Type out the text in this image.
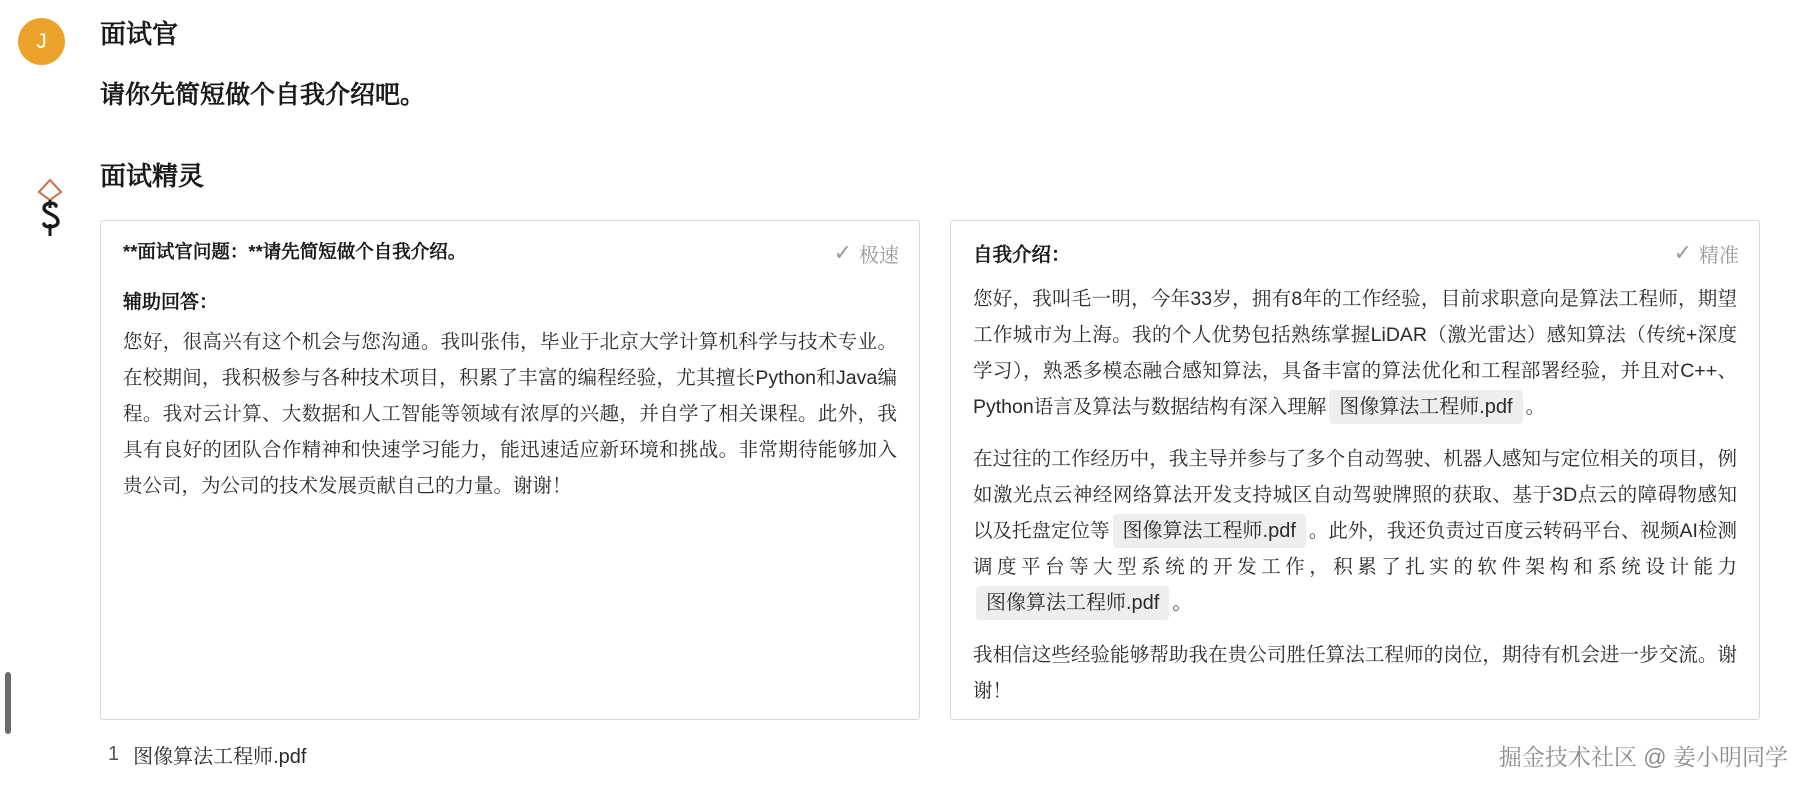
J	面试官
请你先简短做个自我介绍吧。
面试精灵
✓ 极速
**面试官问题：**请先简短做个自我介绍。
辅助回答：

您好，很高兴有这个机会与您沟通。我叫张伟，毕业于北京大学计算机科学与技术专业。在校期间，我积极参与各种技术项目，积累了丰富的编程经验，尤其擅长Python和Java编程。我对云计算、大数据和人工智能等领域有浓厚的兴趣，并自学了相关课程。此外，我具有良好的团队合作精神和快速学习能力，能迅速适应新环境和挑战。非常期待能够加入贵公司，为公司的技术发展贡献自己的力量。谢谢！

✓ 精准
自我介绍：

您好，我叫毛一明，今年33岁，拥有8年的工作经验，目前求职意向是算法工程师，期望工作城市为上海。我的个人优势包括熟练掌握LiDAR（激光雷达）感知算法（传统+深度学习），熟悉多模态融合感知算法，具备丰富的算法优化和工程部署经验，并且对C++、Python语言及算法与数据结构有深入理解 图像算法工程师.pdf 。

在过往的工作经历中，我主导并参与了多个自动驾驶、机器人感知与定位相关的项目，例如激光点云神经网络算法开发支持城区自动驾驶牌照的获取、基于3D点云的障碍物感知以及托盘定位等 图像算法工程师.pdf 。此外，我还负责过百度云转码平台、视频AI检测调度平台等大型系统的开发工作，积累了扎实的软件架构和系统设计能力图像算法工程师.pdf 。

我相信这些经验能够帮助我在贵公司胜任算法工程师的岗位，期待有机会进一步交流。谢谢！

1 图像算法工程师.pdf	掘金技术社区 @ 姜小明同学
